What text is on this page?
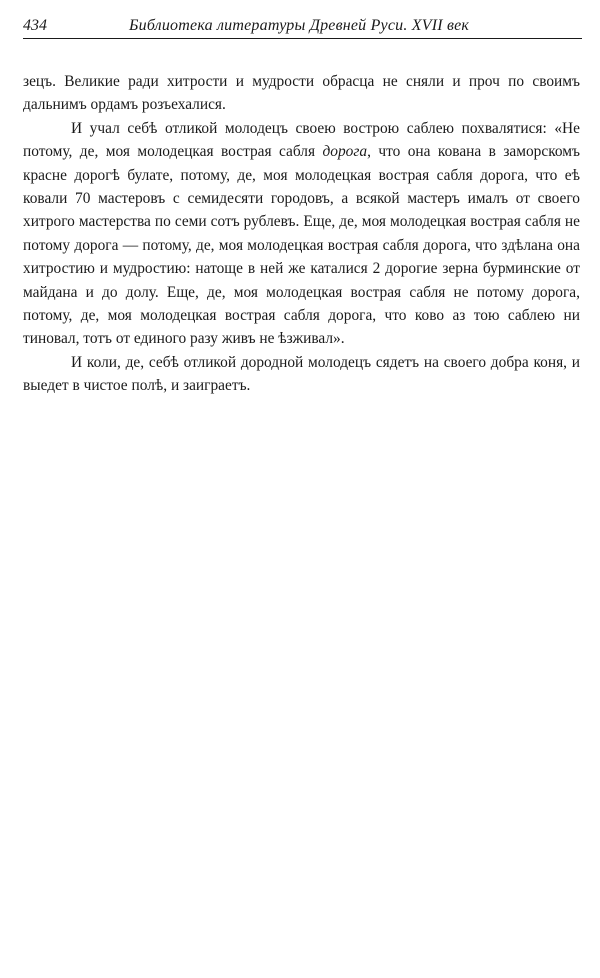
434	Библиотека литературы Древней Руси. XVII век

зецъ. Великие ради хитрости и мудрости обрасца не сняли и проч по своимъ дальнимъ ордамъ розъехалися.

И учал себѣ отликой молодецъ своею вострою саблею похвалятися: «Не потому, де, моя молодецкая вострая сабля дорога, что она кована в заморскомъ красне дорогѣ булате, потому, де, моя молодецкая вострая сабля дорога, что еѣ ковали 70 мастеровъ с семидесяти городовъ, а всякой мастеръ ималъ от своего хитрого мастерства по семи сотъ рублевъ. Еще, де, моя молодецкая вострая сабля не потому дорога — потому, де, моя молодецкая вострая сабля дорога, что здѣлана она хитростию и мудростию: натоще в ней же каталися 2 дорогие зерна бурминские от майдана и до долу. Еще, де, моя молодецкая вострая сабля не потому дорога, потому, де, моя молодецкая вострая сабля дорога, что ково аз тою саблею ни тиновал, тотъ от единого разу живъ не ѣзживал».

И коли, де, себѣ отликой дородной молодецъ сядетъ на своего добра коня, и выедет в чистое полѣ, и заиграетъ.
